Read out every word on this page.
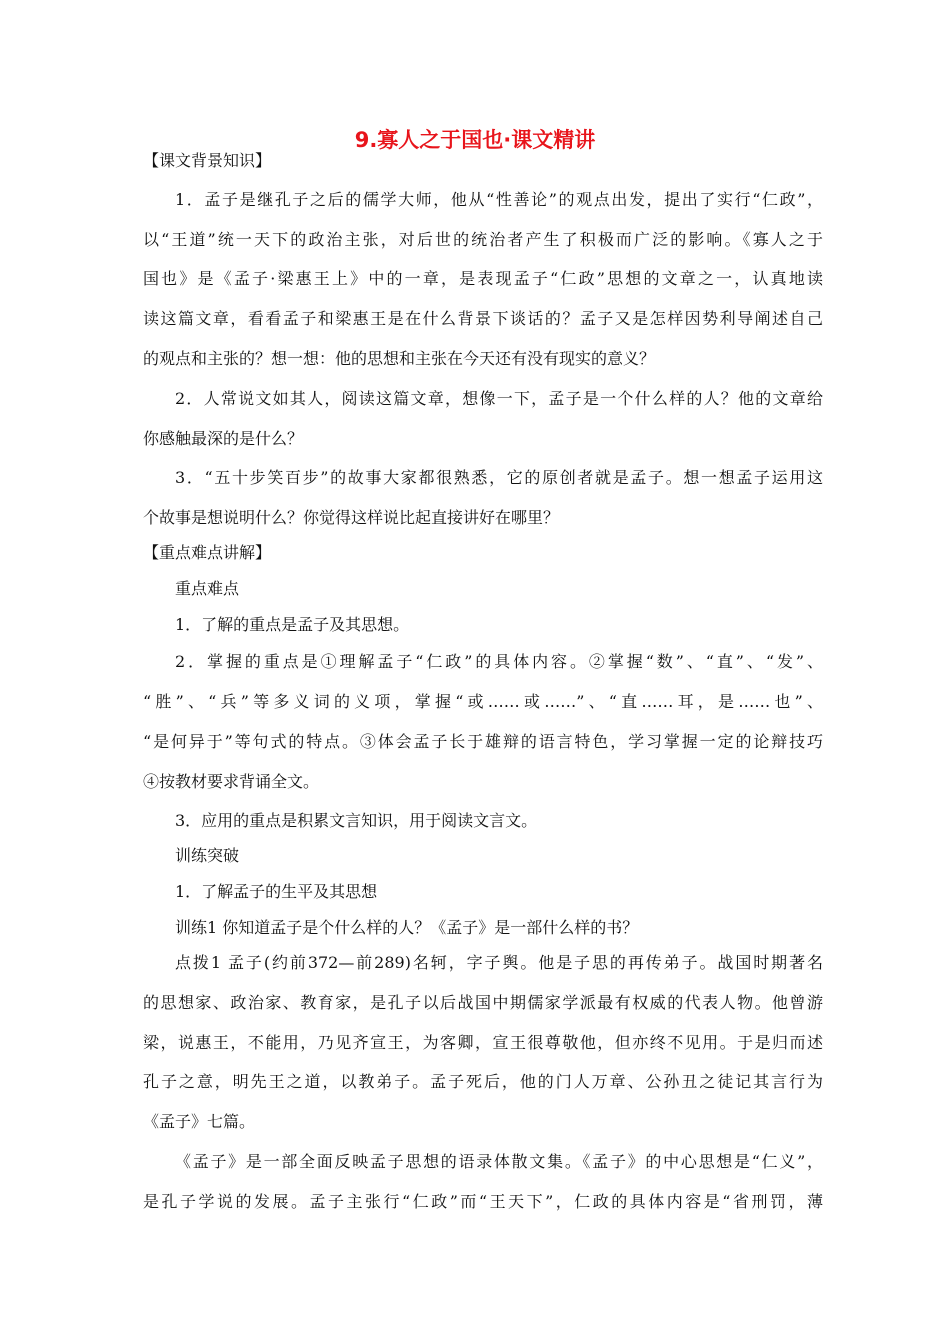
9.寡人之于国也·课文精讲

【课文背景知识】

1．孟子是继孔子之后的儒学大师，他从“性善论”的观点出发，提出了实行“仁政”，

以“王道”统一天下的政治主张，对后世的统治者产生了积极而广泛的影响。《寡人之于

国也》是《孟子·梁惠王上》中的一章，是表现孟子“仁政”思想的文章之一，认真地读

读这篇文章，看看孟子和梁惠王是在什么背景下谈话的？孟子又是怎样因势利导阐述自己

的观点和主张的？想一想：他的思想和主张在今天还有没有现实的意义？

2．人常说文如其人，阅读这篇文章，想像一下，孟子是一个什么样的人？他的文章给

你感触最深的是什么？

3．“五十步笑百步”的故事大家都很熟悉，它的原创者就是孟子。想一想孟子运用这

个故事是想说明什么？你觉得这样说比起直接讲好在哪里？

【重点难点讲解】

重点难点

1．了解的重点是孟子及其思想。

2．掌握的重点是①理解孟子“仁政”的具体内容。②掌握“数”、“直”、“发”、

“胜”、“兵”等多义词的义项，掌握“或……或……”、“直……耳，是……也”、

“是何异于”等句式的特点。③体会孟子长于雄辩的语言特色，学习掌握一定的论辩技巧

④按教材要求背诵全文。

3．应用的重点是积累文言知识，用于阅读文言文。

训练突破

1．了解孟子的生平及其思想

训练1 你知道孟子是个什么样的人？《孟子》是一部什么样的书？

点拨1 孟子(约前372—前289)名轲，字子舆。他是子思的再传弟子。战国时期著名

的思想家、政治家、教育家，是孔子以后战国中期儒家学派最有权威的代表人物。他曾游

梁，说惠王，不能用，乃见齐宣王，为客卿，宣王很尊敬他，但亦终不见用。于是归而述

孔子之意，明先王之道，以教弟子。孟子死后，他的门人万章、公孙丑之徒记其言行为

《孟子》七篇。

《孟子》是一部全面反映孟子思想的语录体散文集。《孟子》的中心思想是“仁义”，

是孔子学说的发展。孟子主张行“仁政”而“王天下”，仁政的具体内容是“省刑罚，薄
